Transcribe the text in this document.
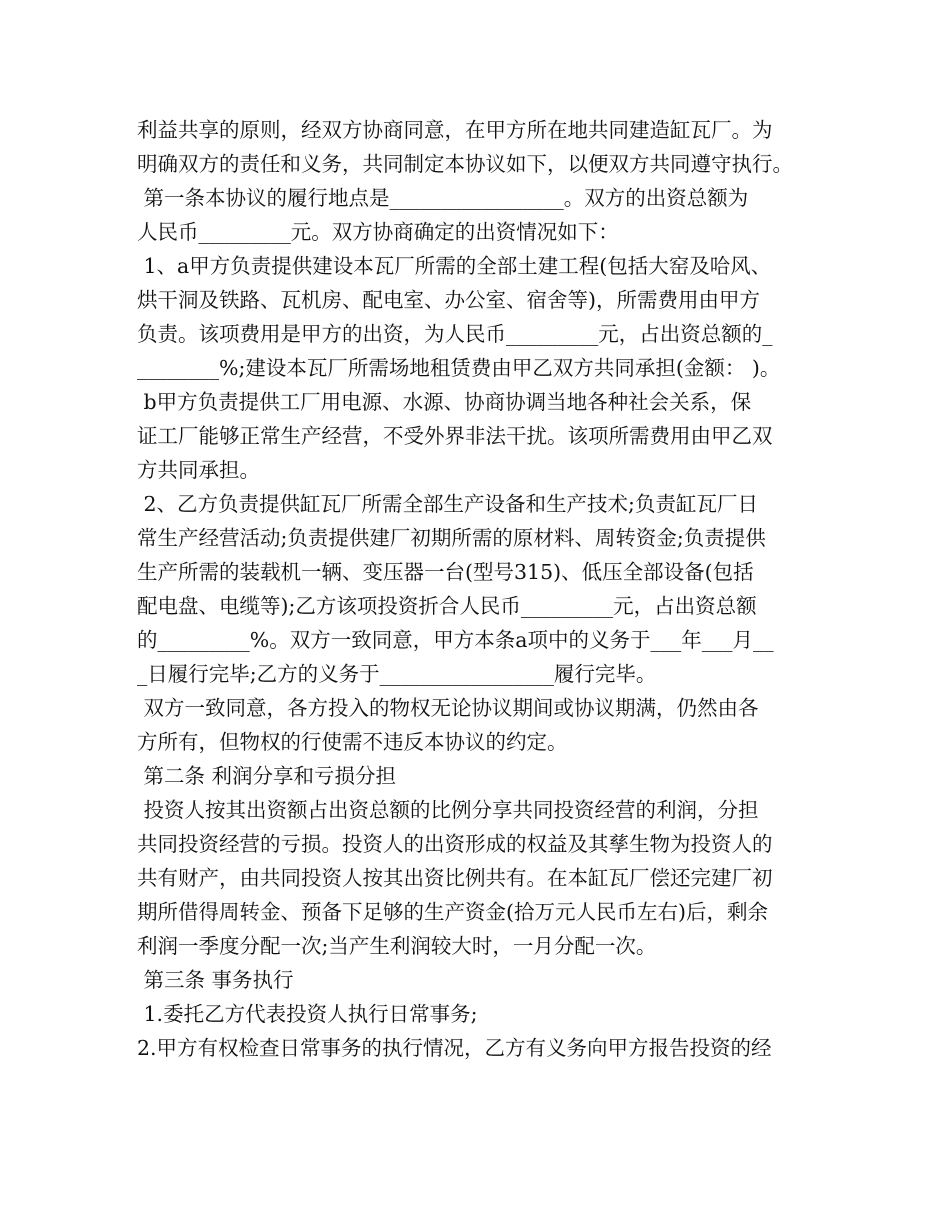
利益共享的原则，经双方协商同意，在甲方所在地共同建造缸瓦厂。为
明确双方的责任和义务，共同制定本协议如下，以便双方共同遵守执行。
第一条本协议的履行地点是_________________。双方的出资总额为
人民币_________元。双方协商确定的出资情况如下：
1、a甲方负责提供建设本瓦厂所需的全部土建工程(包括大窑及哈风、
烘干洞及铁路、瓦机房、配电室、办公室、宿舍等)，所需费用由甲方
负责。该项费用是甲方的出资，为人民币_________元，占出资总额的_
________%;建设本瓦厂所需场地租赁费由甲乙双方共同承担(金额： )。
b甲方负责提供工厂用电源、水源、协商协调当地各种社会关系，保
证工厂能够正常生产经营，不受外界非法干扰。该项所需费用由甲乙双
方共同承担。
2、乙方负责提供缸瓦厂所需全部生产设备和生产技术;负责缸瓦厂日
常生产经营活动;负责提供建厂初期所需的原材料、周转资金;负责提供
生产所需的装载机一辆、变压器一台(型号315)、低压全部设备(包括
配电盘、电缆等);乙方该项投资折合人民币_________元，占出资总额
的_________%。双方一致同意，甲方本条a项中的义务于___年___月__
_日履行完毕;乙方的义务于_________________履行完毕。
双方一致同意，各方投入的物权无论协议期间或协议期满，仍然由各
方所有，但物权的行使需不违反本协议的约定。
第二条 利润分享和亏损分担
投资人按其出资额占出资总额的比例分享共同投资经营的利润，分担
共同投资经营的亏损。投资人的出资形成的权益及其孳生物为投资人的
共有财产，由共同投资人按其出资比例共有。在本缸瓦厂偿还完建厂初
期所借得周转金、预备下足够的生产资金(拾万元人民币左右)后，剩余
利润一季度分配一次;当产生利润较大时，一月分配一次。
第三条 事务执行
1.委托乙方代表投资人执行日常事务;
2.甲方有权检查日常事务的执行情况，乙方有义务向甲方报告投资的经
